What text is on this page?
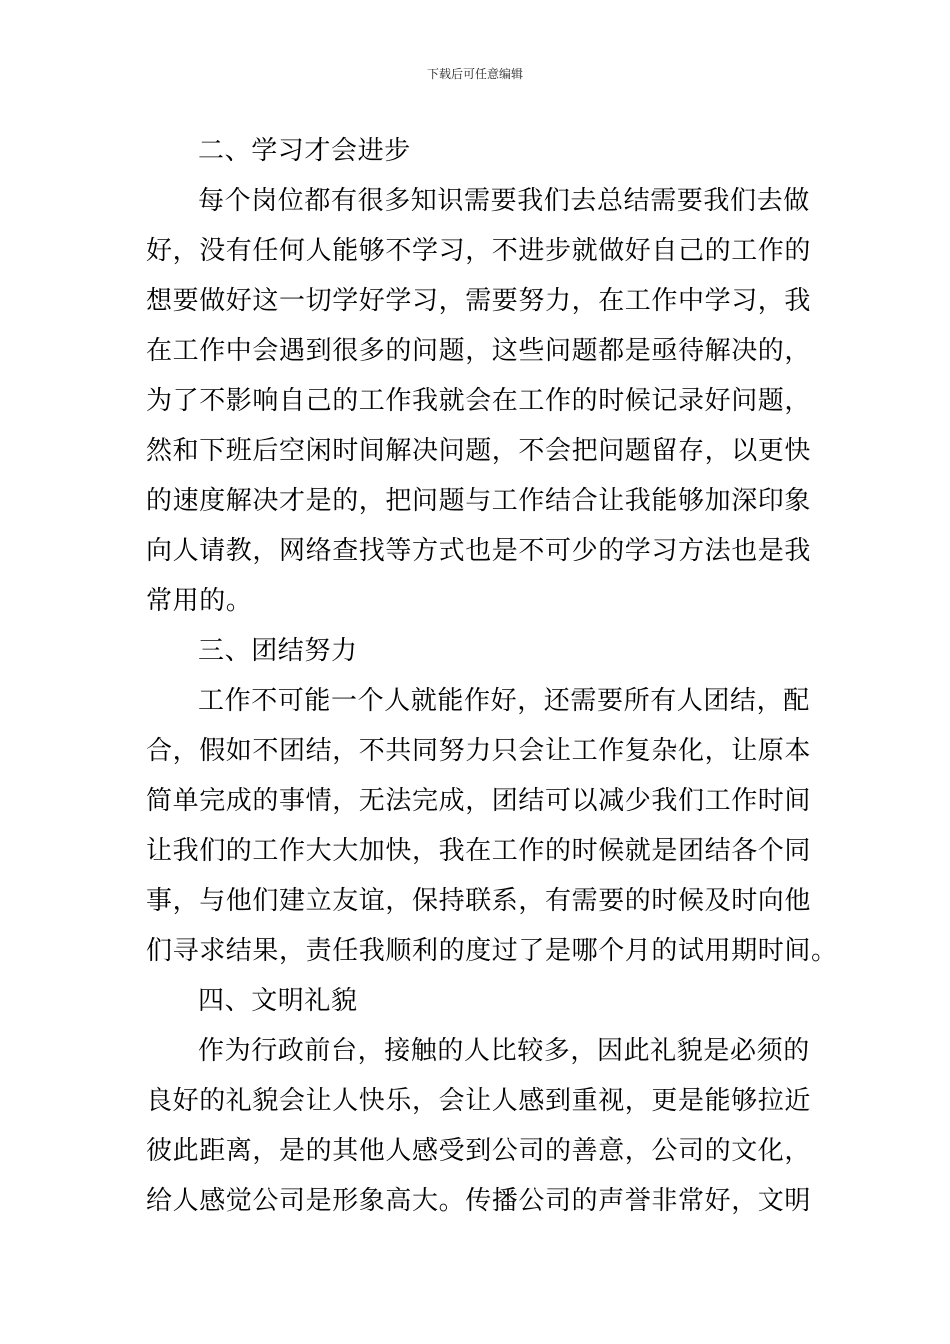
下载后可任意编辑
二、学习才会进步
每个岗位都有很多知识需要我们去总结需要我们去做
好，没有任何人能够不学习，不进步就做好自己的工作的
想要做好这一切学好学习，需要努力，在工作中学习，我
在工作中会遇到很多的问题，这些问题都是亟待解决的，
为了不影响自己的工作我就会在工作的时候记录好问题，
然和下班后空闲时间解决问题，不会把问题留存，以更快
的速度解决才是的，把问题与工作结合让我能够加深印象
向人请教，网络查找等方式也是不可少的学习方法也是我
常用的。
三、团结努力
工作不可能一个人就能作好，还需要所有人团结，配
合，假如不团结，不共同努力只会让工作复杂化，让原本
简单完成的事情，无法完成，团结可以减少我们工作时间
让我们的工作大大加快，我在工作的时候就是团结各个同
事，与他们建立友谊，保持联系，有需要的时候及时向他
们寻求结果，责任我顺利的度过了是哪个月的试用期时间。
四、文明礼貌
作为行政前台，接触的人比较多，因此礼貌是必须的
良好的礼貌会让人快乐，会让人感到重视，更是能够拉近
彼此距离，是的其他人感受到公司的善意，公司的文化，
给人感觉公司是形象高大。传播公司的声誉非常好，文明
